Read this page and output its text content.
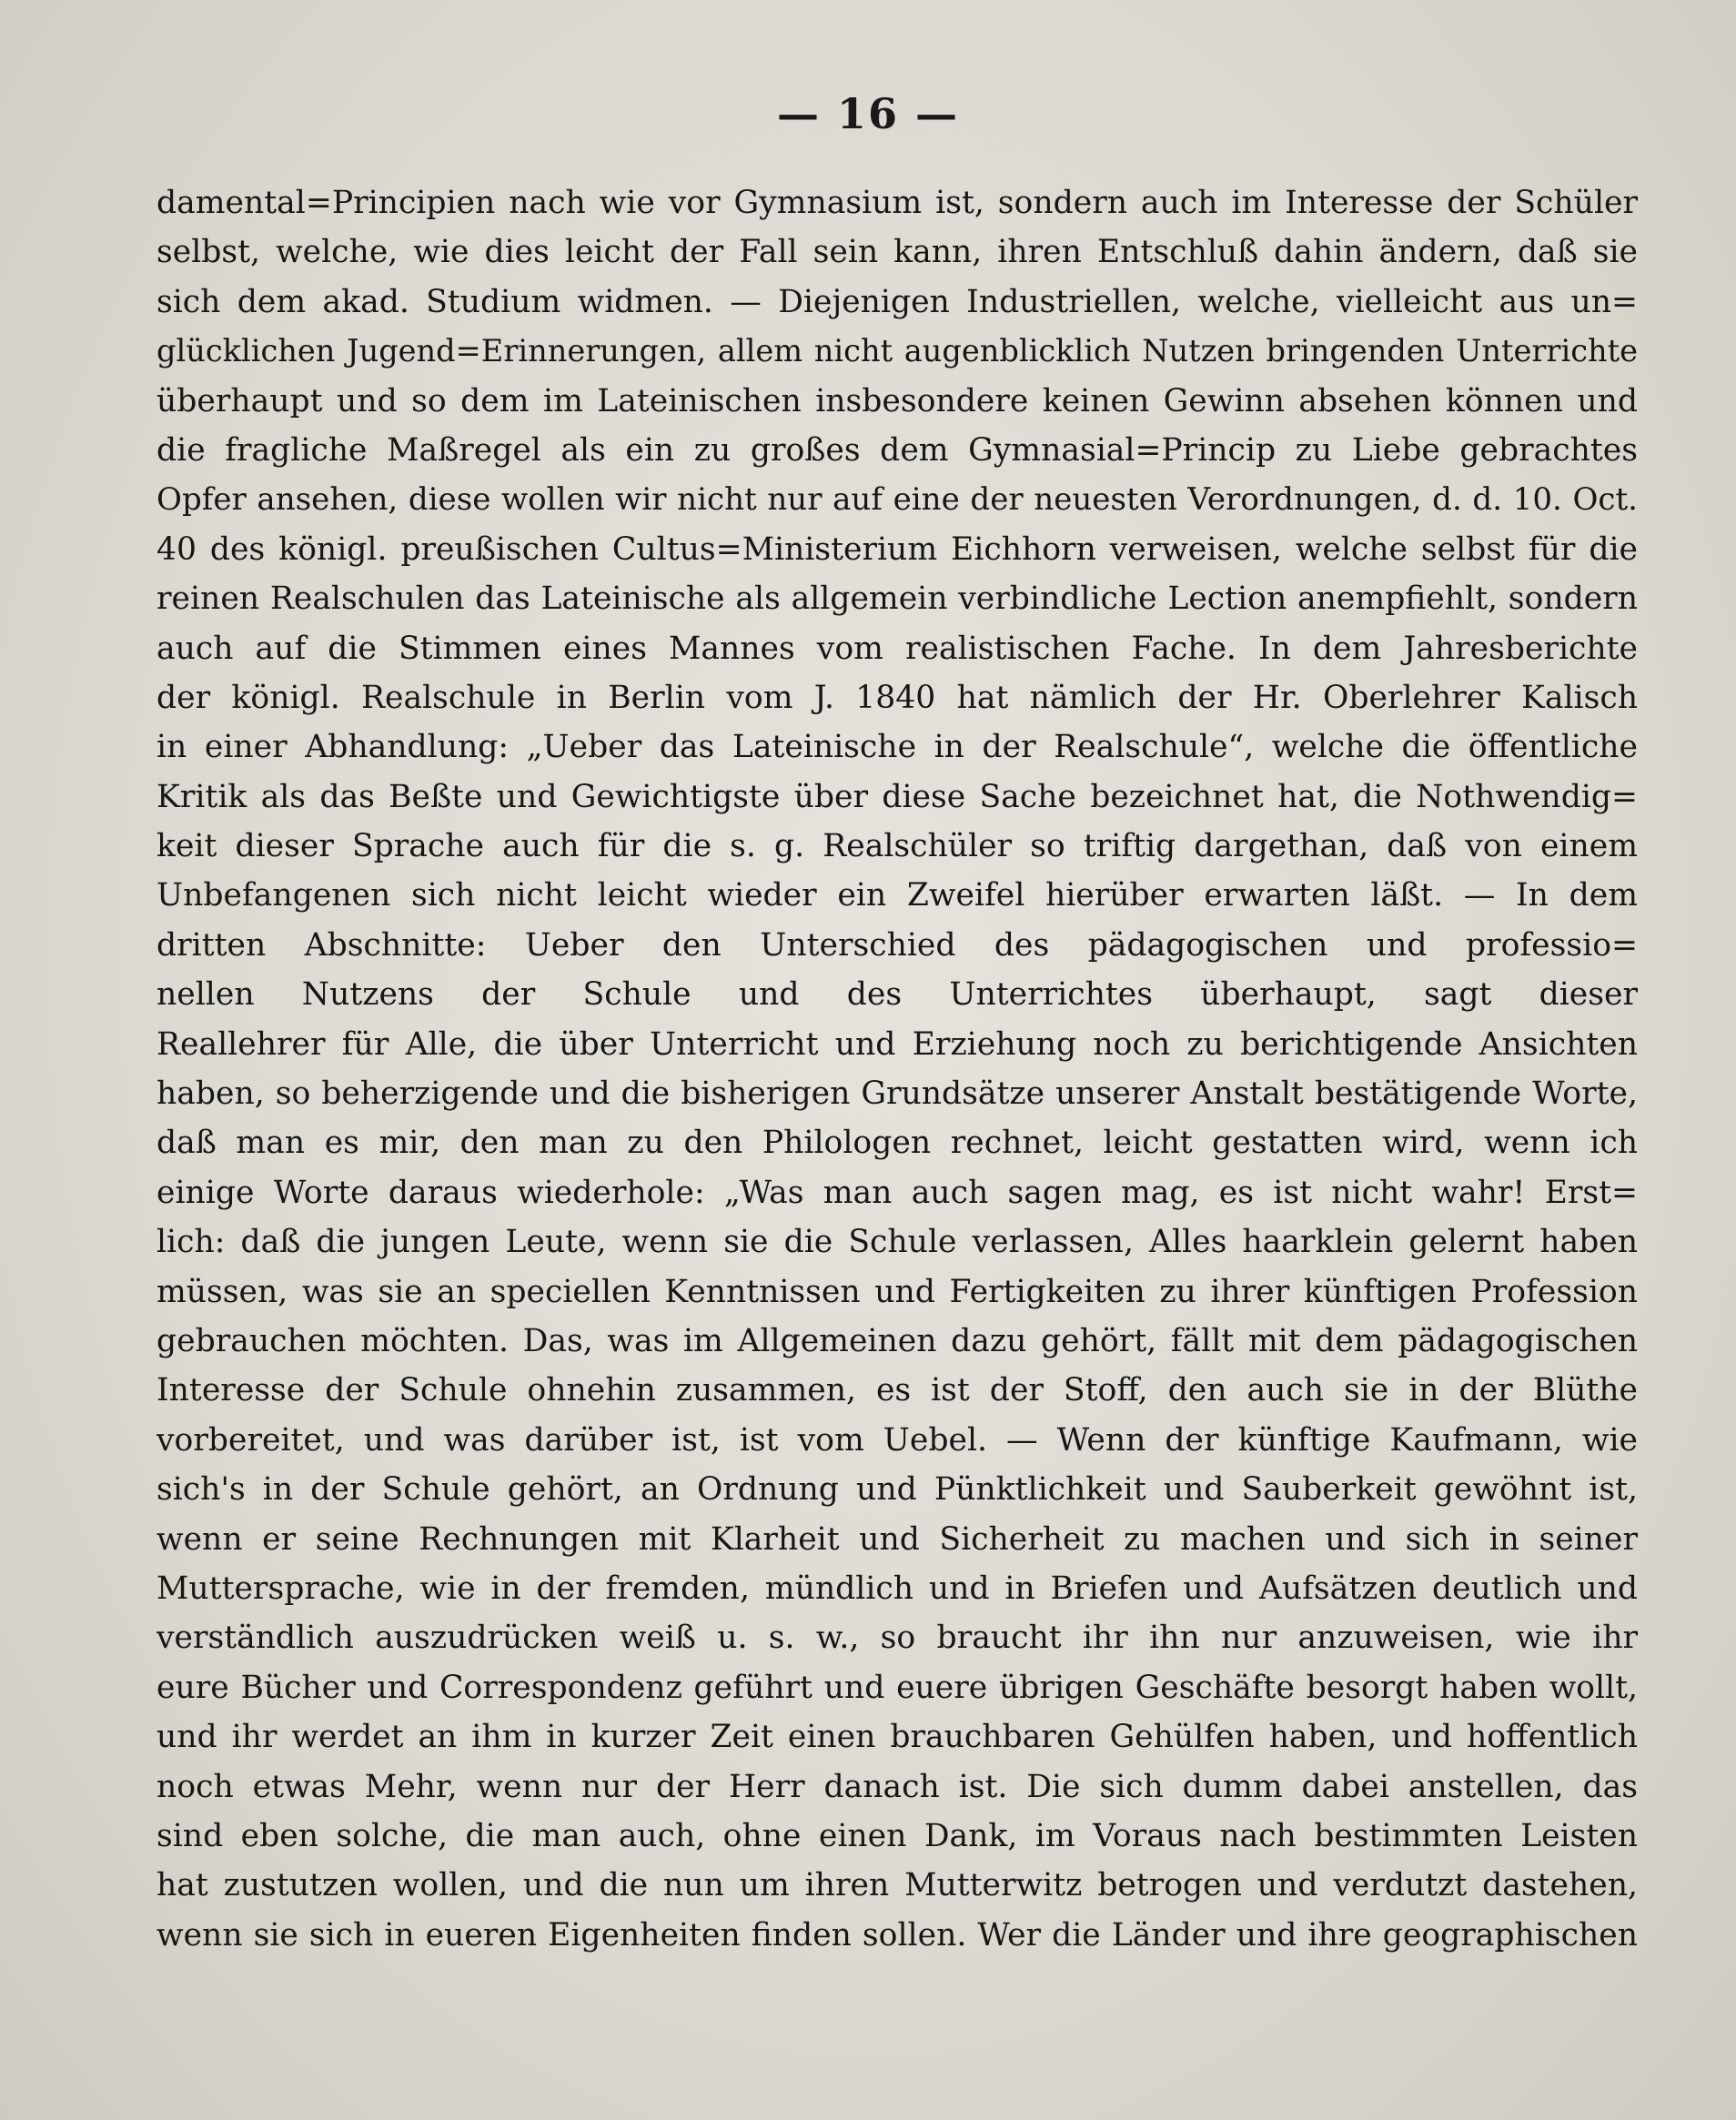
— 16 —
damental=Principien nach wie vor Gymnasium ist, sondern auch im Interesse der Schüler
selbst, welche, wie dies leicht der Fall sein kann, ihren Entschluß dahin ändern, daß sie
sich dem akad. Studium widmen. — Diejenigen Industriellen, welche, vielleicht aus un=
glücklichen Jugend=Erinnerungen, allem nicht augenblicklich Nutzen bringenden Unterrichte
überhaupt und so dem im Lateinischen insbesondere keinen Gewinn absehen können und
die fragliche Maßregel als ein zu großes dem Gymnasial=Princip zu Liebe gebrachtes
Opfer ansehen, diese wollen wir nicht nur auf eine der neuesten Verordnungen, d. d. 10. Oct.
40 des königl. preußischen Cultus=Ministerium Eichhorn verweisen, welche selbst für die
reinen Realschulen das Lateinische als allgemein verbindliche Lection anempfiehlt, sondern
auch auf die Stimmen eines Mannes vom realistischen Fache. In dem Jahresberichte
der königl. Realschule in Berlin vom J. 1840 hat nämlich der Hr. Oberlehrer Kalisch
in einer Abhandlung: „Ueber das Lateinische in der Realschule“, welche die öffentliche
Kritik als das Beßte und Gewichtigste über diese Sache bezeichnet hat, die Nothwendig=
keit dieser Sprache auch für die s. g. Realschüler so triftig dargethan, daß von einem
Unbefangenen sich nicht leicht wieder ein Zweifel hierüber erwarten läßt. — In dem
dritten Abschnitte: Ueber den Unterschied des pädagogischen und professio=
nellen Nutzens der Schule und des Unterrichtes überhaupt, sagt dieser
Reallehrer für Alle, die über Unterricht und Erziehung noch zu berichtigende Ansichten
haben, so beherzigende und die bisherigen Grundsätze unserer Anstalt bestätigende Worte,
daß man es mir, den man zu den Philologen rechnet, leicht gestatten wird, wenn ich
einige Worte daraus wiederhole: „Was man auch sagen mag, es ist nicht wahr! Erst=
lich: daß die jungen Leute, wenn sie die Schule verlassen, Alles haarklein gelernt haben
müssen, was sie an speciellen Kenntnissen und Fertigkeiten zu ihrer künftigen Profession
gebrauchen möchten. Das, was im Allgemeinen dazu gehört, fällt mit dem pädagogischen
Interesse der Schule ohnehin zusammen, es ist der Stoff, den auch sie in der Blüthe
vorbereitet, und was darüber ist, ist vom Uebel. — Wenn der künftige Kaufmann, wie
sich's in der Schule gehört, an Ordnung und Pünktlichkeit und Sauberkeit gewöhnt ist,
wenn er seine Rechnungen mit Klarheit und Sicherheit zu machen und sich in seiner
Muttersprache, wie in der fremden, mündlich und in Briefen und Aufsätzen deutlich und
verständlich auszudrücken weiß u. s. w., so braucht ihr ihn nur anzuweisen, wie ihr
eure Bücher und Correspondenz geführt und euere übrigen Geschäfte besorgt haben wollt,
und ihr werdet an ihm in kurzer Zeit einen brauchbaren Gehülfen haben, und hoffentlich
noch etwas Mehr, wenn nur der Herr danach ist. Die sich dumm dabei anstellen, das
sind eben solche, die man auch, ohne einen Dank, im Voraus nach bestimmten Leisten
hat zustutzen wollen, und die nun um ihren Mutterwitz betrogen und verdutzt dastehen,
wenn sie sich in eueren Eigenheiten finden sollen. Wer die Länder und ihre geographischen
